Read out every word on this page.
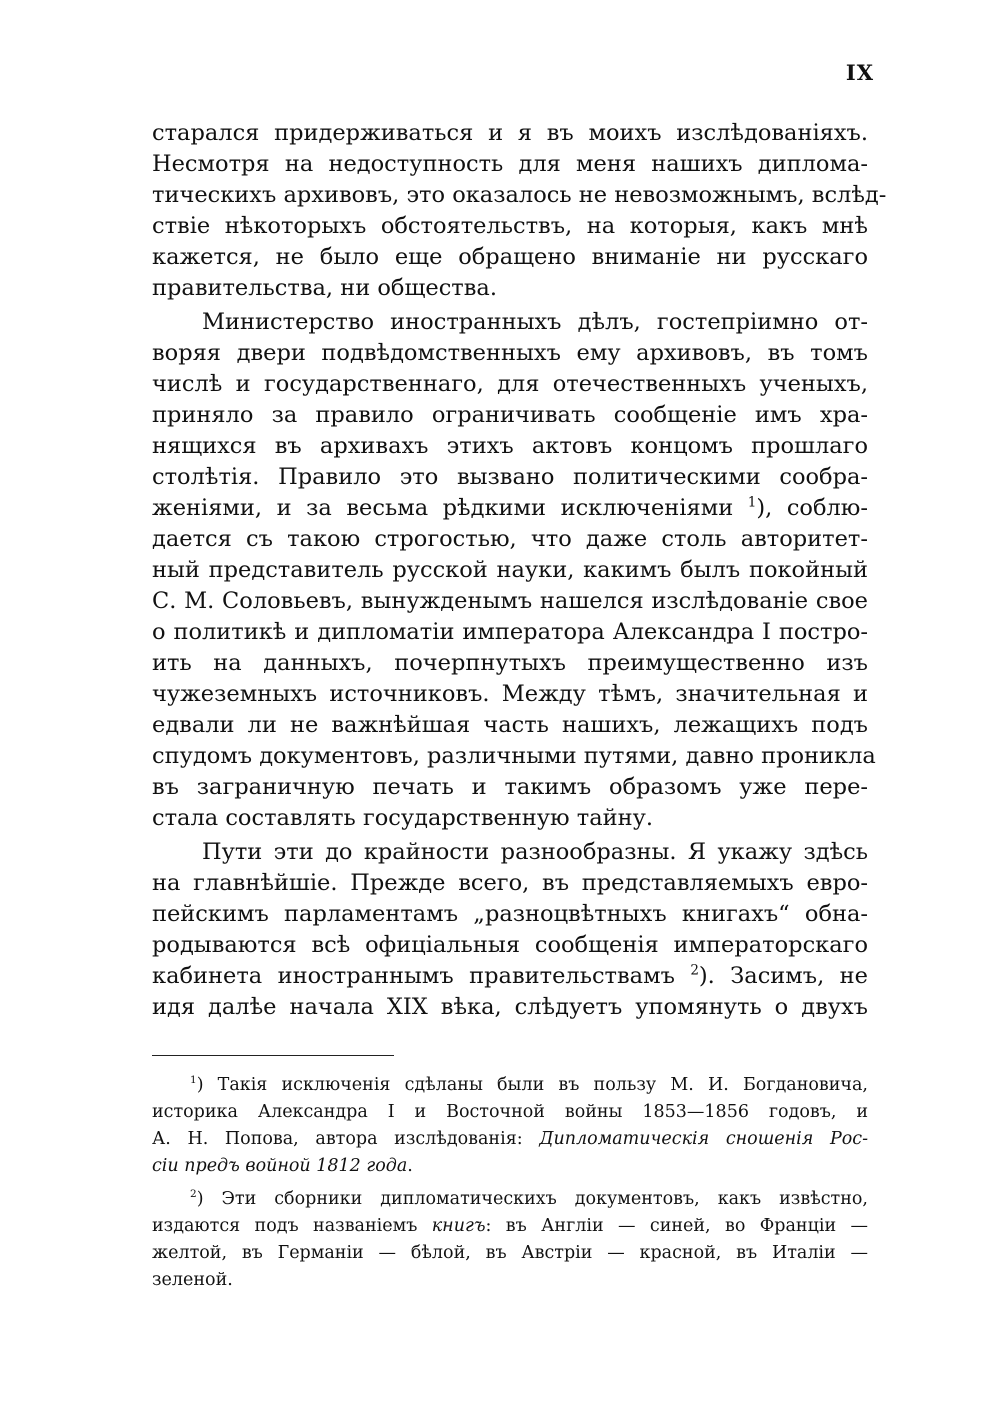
IX
старался придерживаться и я въ моихъ изслѣдованіяхъ.
Несмотря на недоступность для меня нашихъ диплома-
тическихъ архивовъ, это оказалось не невозможнымъ, вслѣд-
ствіе нѣкоторыхъ обстоятельствъ, на которыя, какъ мнѣ
кажется, не было еще обращено вниманіе ни русскаго
правительства, ни общества.
Министерство иностранныхъ дѣлъ, гостепріимно от-
воряя двери подвѣдомственныхъ ему архивовъ, въ томъ
числѣ и государственнаго, для отечественныхъ ученыхъ,
приняло за правило ограничивать сообщеніе имъ хра-
нящихся въ архивахъ этихъ актовъ концомъ прошлаго
столѣтія. Правило это вызвано политическими сообра-
женіями, и за весьма рѣдкими исключеніями $^1$), соблю-
дается съ такою строгостью, что даже столь авторитет-
ный представитель русской науки, какимъ былъ покойный
С. М. Соловьевъ, вынужденымъ нашелся изслѣдованіе свое
о политикѣ и дипломатіи императора Александра I постро-
ить на данныхъ, почерпнутыхъ преимущественно изъ
чужеземныхъ источниковъ. Между тѣмъ, значительная и
едвали ли не важнѣйшая часть нашихъ, лежащихъ подъ
спудомъ документовъ, различными путями, давно проникла
въ заграничную печать и такимъ образомъ уже пере-
стала составлять государственную тайну.
Пути эти до крайности разнообразны. Я укажу здѣсь
на главнѣйшіе. Прежде всего, въ представляемыхъ евро-
пейскимъ парламентамъ „разноцвѣтныхъ книгахъ“ обна-
родываются всѣ офиціальныя сообщенія императорскаго
кабинета иностраннымъ правительствамъ $^2$). Засимъ, не
идя далѣе начала XIX вѣка, слѣдуетъ упомянуть о двухъ
$^1$) Такія исключенія сдѣланы были въ пользу М. И. Богдановича,
историка Александра I и Восточной войны 1853—1856 годовъ, и
А. Н. Попова, автора изслѣдованія: Дипломатическія сношенія Рос-
сіи предъ войной 1812 года.
$^2$) Эти сборники дипломатическихъ документовъ, какъ извѣстно,
издаются подъ названіемъ книгъ: въ Англіи — синей, во Франціи —
желтой, въ Германіи — бѣлой, въ Австріи — красной, въ Италіи —
зеленой.
